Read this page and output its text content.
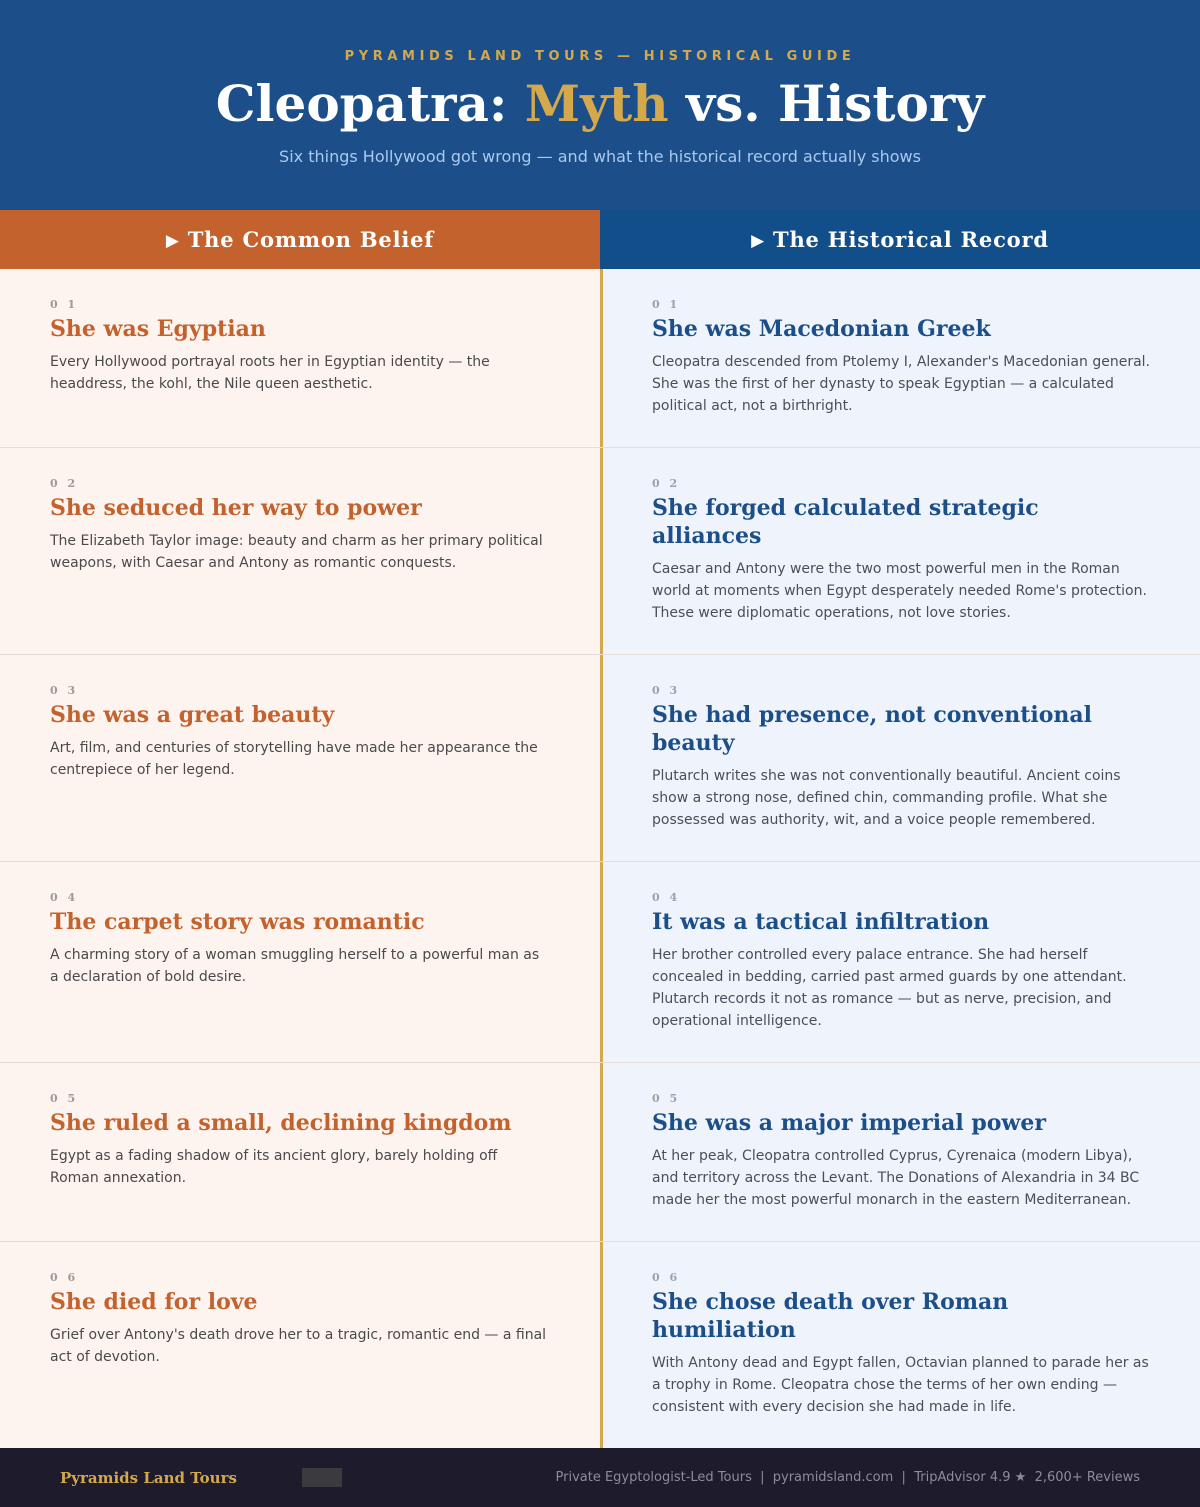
PYRAMIDS LAND TOURS — HISTORICAL GUIDE
Cleopatra: Myth vs. History
Six things Hollywood got wrong — and what the historical record actually shows
▶ The Common Belief	▶ The Historical Record
0 1
She was Egyptian
Every Hollywood portrayal roots her in Egyptian identity — the headdress, the kohl, the Nile queen aesthetic.
0 1
She was Macedonian Greek
Cleopatra descended from Ptolemy I, Alexander's Macedonian general. She was the first of her dynasty to speak Egyptian — a calculated political act, not a birthright.
0 2
She seduced her way to power
The Elizabeth Taylor image: beauty and charm as her primary political weapons, with Caesar and Antony as romantic conquests.
0 2
She forged calculated strategic alliances
Caesar and Antony were the two most powerful men in the Roman world at moments when Egypt desperately needed Rome's protection. These were diplomatic operations, not love stories.
0 3
She was a great beauty
Art, film, and centuries of storytelling have made her appearance the centrepiece of her legend.
0 3
She had presence, not conventional beauty
Plutarch writes she was not conventionally beautiful. Ancient coins show a strong nose, defined chin, commanding profile. What she possessed was authority, wit, and a voice people remembered.
0 4
The carpet story was romantic
A charming story of a woman smuggling herself to a powerful man as a declaration of bold desire.
0 4
It was a tactical infiltration
Her brother controlled every palace entrance. She had herself concealed in bedding, carried past armed guards by one attendant. Plutarch records it not as romance — but as nerve, precision, and operational intelligence.
0 5
She ruled a small, declining kingdom
Egypt as a fading shadow of its ancient glory, barely holding off Roman annexation.
0 5
She was a major imperial power
At her peak, Cleopatra controlled Cyprus, Cyrenaica (modern Libya), and territory across the Levant. The Donations of Alexandria in 34 BC made her the most powerful monarch in the eastern Mediterranean.
0 6
She died for love
Grief over Antony's death drove her to a tragic, romantic end — a final act of devotion.
0 6
She chose death over Roman humiliation
With Antony dead and Egypt fallen, Octavian planned to parade her as a trophy in Rome. Cleopatra chose the terms of her own ending — consistent with every decision she had made in life.
Pyramids Land Tours	Private Egyptologist-Led Tours  |  pyramidsland.com  |  TripAdvisor 4.9 ★  2,600+ Reviews
